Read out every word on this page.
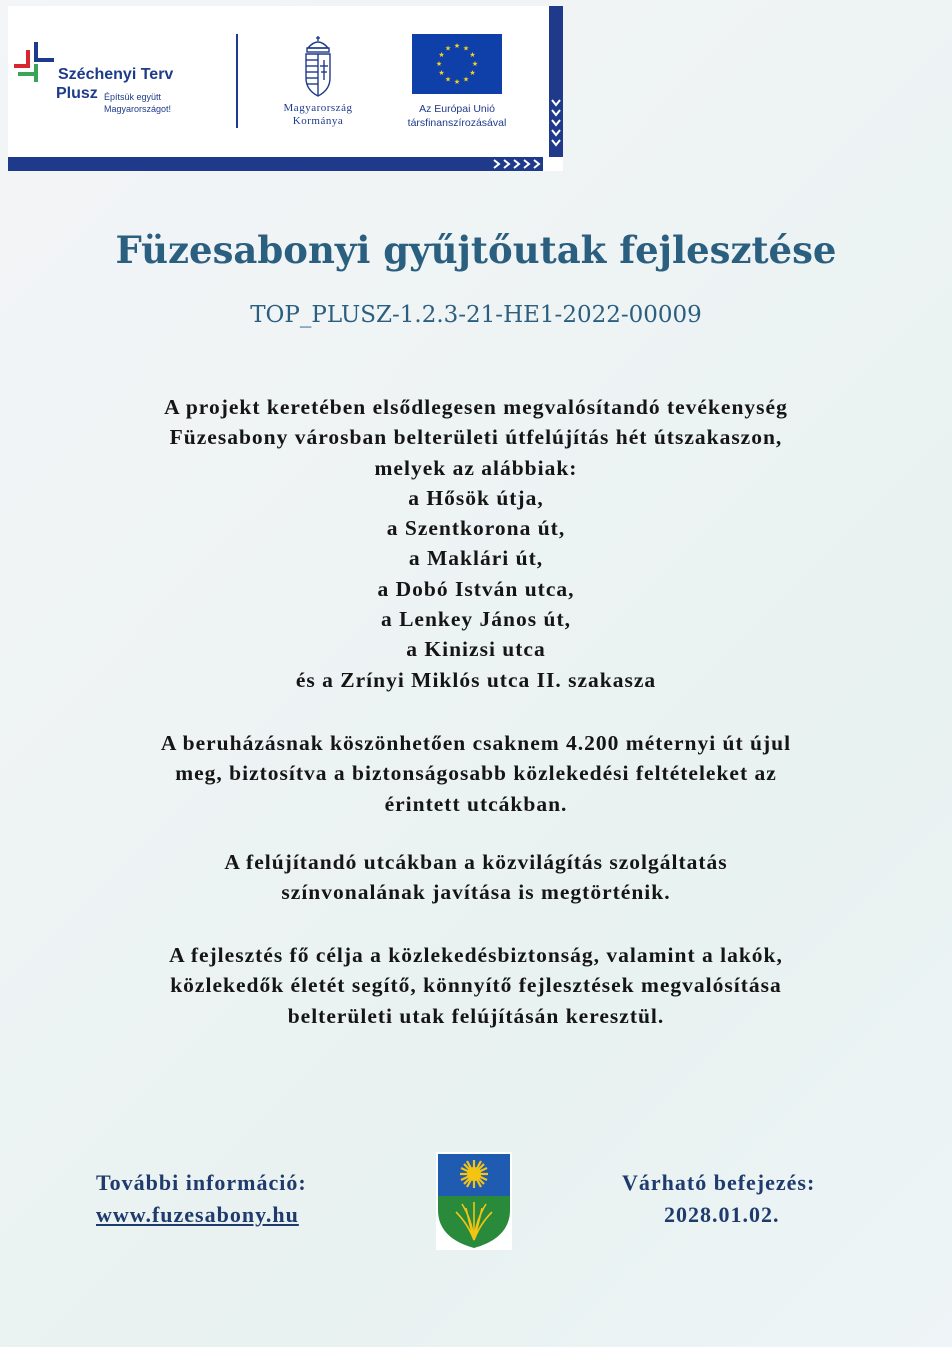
Széchenyi Terv
Plusz Építsük együtt
Magyarországot!	Magyarország
Kormánya
★ ★
★
★
★
★
★
★
★
★
★
★
Az Európai Unió
társfinanszírozásával
Füzesabonyi gyűjtőutak fejlesztése
TOP_PLUSZ-1.2.3-21-HE1-2022-00009
A projekt keretében elsődlegesen megvalósítandó tevékenység
Füzesabony városban belterületi útfelújítás hét útszakaszon,
melyek az alábbiak:
a Hősök útja,
a Szentkorona út,
a Maklári út,
a Dobó István utca,
a Lenkey János út,
a Kinizsi utca
és a Zrínyi Miklós utca II. szakasza
A beruházásnak köszönhetően csaknem 4.200 méternyi út újul
meg, biztosítva a biztonságosabb közlekedési feltételeket az
érintett utcákban.
A felújítandó utcákban a közvilágítás szolgáltatás
színvonalának javítása is megtörténik.
A fejlesztés fő célja a közlekedésbiztonság, valamint a lakók,
közlekedők életét segítő, könnyítő fejlesztések megvalósítása
belterületi utak felújításán keresztül.
További információ:
www.fuzesabony.hu
Várható befejezés:
2028.01.02.
